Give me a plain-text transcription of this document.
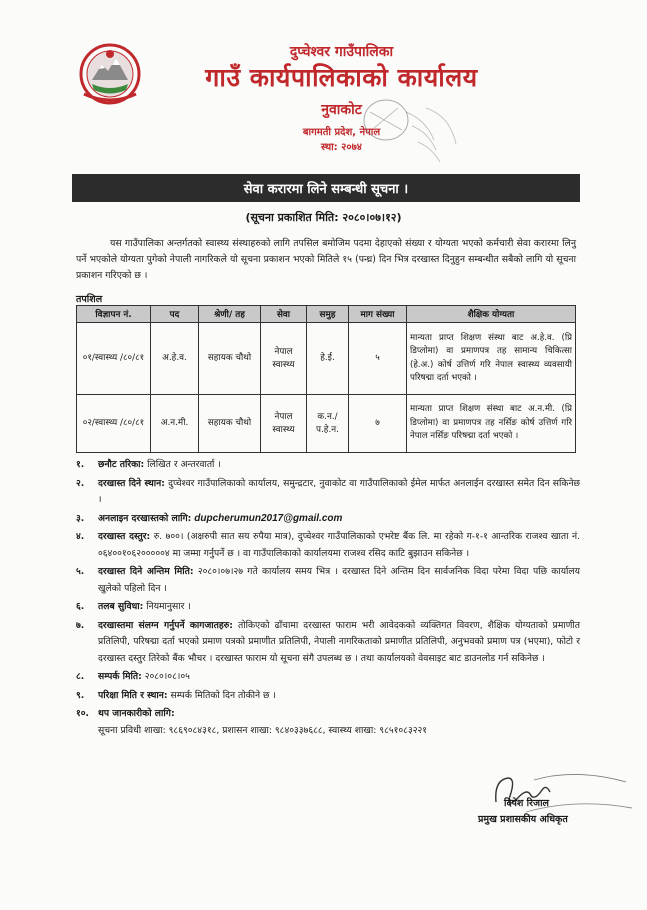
दुप्चेश्वर गाउँपालिका
गाउँ कार्यपालिकाको कार्यालय
नुवाकोट
बागमती प्रदेश, नेपाल
स्था: २०७४
सेवा करारमा लिने सम्बन्धी सूचना ।
(सूचना प्रकाशित मिति: २०८०।०७।१२)
यस गाउँपालिका अन्तर्गतको स्वास्थ्य संस्थाहरुको लागि तपसिल बमोजिम पदमा देहाएको संख्या र योग्यता भएको कर्मचारी सेवा करारमा लिनु पर्ने भएकोले योग्यता पुगेको नेपाली नागरिकले यो सूचना प्रकाशन भएको मितिले १५ (पन्ध्र) दिन भित्र दरखास्त दिनुहुन सम्बन्धीत सबैको लागि यो सूचना प्रकाशन गरिएको छ ।
तपशिल
विज्ञापन नं.	पद	श्रेणी/ तह	सेवा	समुह	माग संख्या	शैक्षिक योग्यता
०१/स्वास्थ्य /८०/८१	अ.हे.व.	सहायक चौथो	नेपाल स्वास्थ्य	हे.ई.	५	मान्यता प्राप्त शिक्षण संस्था बाट अ.हे.व. (प्रि डिप्लोमा) वा प्रमाणपत्र तह सामान्य चिकित्सा (हे.अ.) कोर्ष उत्तिर्ण गरि नेपाल स्वास्थ्य व्यवसायी परिषद्मा दर्ता भएको ।
०२/स्वास्थ्य /८०/८१	अ.न.मी.	सहायक चौथो	नेपाल स्वास्थ्य	क.न./ प.हे.न.	७	मान्यता प्राप्त शिक्षण संस्था बाट अ.न.मी. (प्रि डिप्लोमा) वा प्रमाणपत्र तह नर्सिङ कोर्ष उत्तिर्ण गरि नेपाल नर्सिङ परिषद्मा दर्ता भएको ।
१.	छनौट तरिका: लिखित र अन्तरवार्ता ।
२.	दरखास्त दिने स्थान: दुप्चेश्वर गाउँपालिकाको कार्यालय, समुन्द्रटार, नुवाकोट वा गाउँपालिकाको ईमेल मार्फत अनलाईन दरखास्त समेत दिन सकिनेछ ।
३.	अनलाइन दरखास्तको लागि: dupcherumun2017@gmail.com
४.	दरखास्त दस्तुर: रु. ७००। (अक्षरुपी सात सय रुपैया मात्र), दुप्चेश्वर गाउँपालिकाको एभरेष्ट बैंक लि. मा रहेको ग-१-१ आन्तरिक राजश्व खाता नं. ०६४००१०६२०००००४ मा जम्मा गर्नुपर्ने छ । वा गाउँपालिकाको कार्यालयमा राजश्व रसिद काटि बुझाउन सकिनेछ ।
५.	दरखास्त दिने अन्तिम मिति: २०८०।०७।२७ गते कार्यालय समय भित्र । दरखास्त दिने अन्तिम दिन सार्वजनिक विदा परेमा विदा पछि कार्यालय खुलेको पहिलो दिन ।
६.	तलब सुविधा: नियमानुसार ।
७.	दरखास्तमा संलग्न गर्नुपर्ने कागजातहरु: तोकिएको ढाँचामा दरखास्त फाराम भरी आवेदकको व्यक्तिगत विवरण, शैक्षिक योग्यताको प्रमाणीत प्रतिलिपी, परिषद्मा दर्ता भएको प्रमाण पत्रको प्रमाणीत प्रतिलिपी, नेपाली नागरिकताको प्रमाणीत प्रतिलिपी, अनुभवको प्रमाण पत्र (भएमा), फोटो र दरखास्त दस्तुर तिरेको बैंक भौचर । दरखास्त फाराम यो सूचना संगै उपलब्ध छ । तथा कार्यालयको वेवसाइट बाट डाउनलोड गर्न सकिनेछ ।
८.	सम्पर्क मिति: २०८०।०८।०५
९.	परिक्षा मिति र स्थान: सम्पर्क मितिको दिन तोकीने छ ।
१०. थप जानकारीको लागि:
सूचना प्रविधी शाखा: ९८६९०८४३१८, प्रशासन शाखा: ९८४०३३७६८८, स्वास्थ्य शाखा: ९८५१०८३२२१
दिपेश रिजाल
प्रमुख प्रशासकीय अधिकृत
